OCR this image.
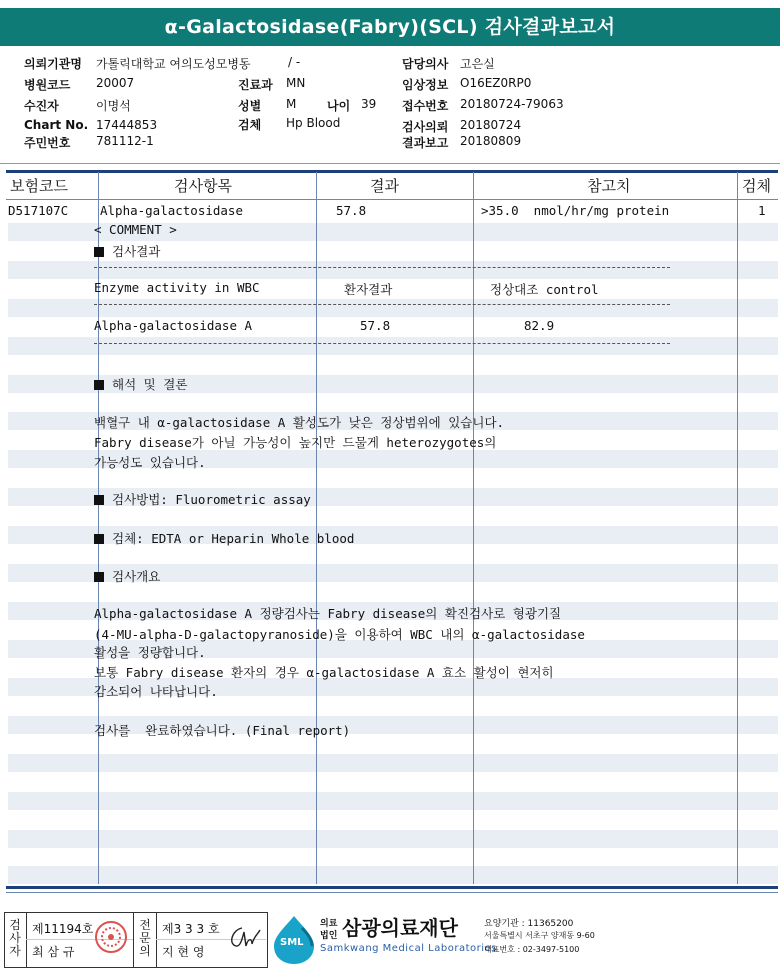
α-Galactosidase(Fabry)(SCL) 검사결과보고서
의뢰기관명 가톨릭대학교 여의도성모병동	/ -	담당의사 고은실
병원코드 20007	진료과 MN	임상정보 O16EZ0RP0
수진자	이명석	성별 M	나이 39 접수번호 20180724-79063
Chart No. 17444853	검체 Hp Blood	검사의뢰 20180724
주민번호 781112-1	결과보고 20180809
보험코드	검사항목	결과	참고치	검체
D517107C	Alpha-galactosidase	57.8	>35.0  nmol/hr/mg protein	1
< COMMENT >
검사결과
Enzyme activity in WBC	환자결과	정상대조 control
Alpha-galactosidase A	57.8	82.9
해석 및 결론
백혈구 내 α-galactosidase A 활성도가 낮은 정상범위에 있습니다.
Fabry disease가 아닐 가능성이 높지만 드물게 heterozygotes의
가능성도 있습니다.
검사방법: Fluorometric assay
검체: EDTA or Heparin Whole blood
검사개요
Alpha-galactosidase A 정량검사는 Fabry disease의 확진검사로 형광기질
(4-MU-alpha-D-galactopyranoside)을 이용하여 WBC 내의 α-galactosidase
활성을 정량합니다.
보통 Fabry disease 환자의 경우 α-galactosidase A 효소 활성이 현저히
감소되어 나타납니다.
검사를  완료하였습니다. (Final report)
검사자
제11194호
최 삼 규
전문의
제3 3 3 호
지 현 영
SML
의료
법인 삼광의료재단
Samkwang Medical Laboratories
요양기관 : 11365200
서울특별시 서초구 양재동 9-60
대표번호 : 02-3497-5100
